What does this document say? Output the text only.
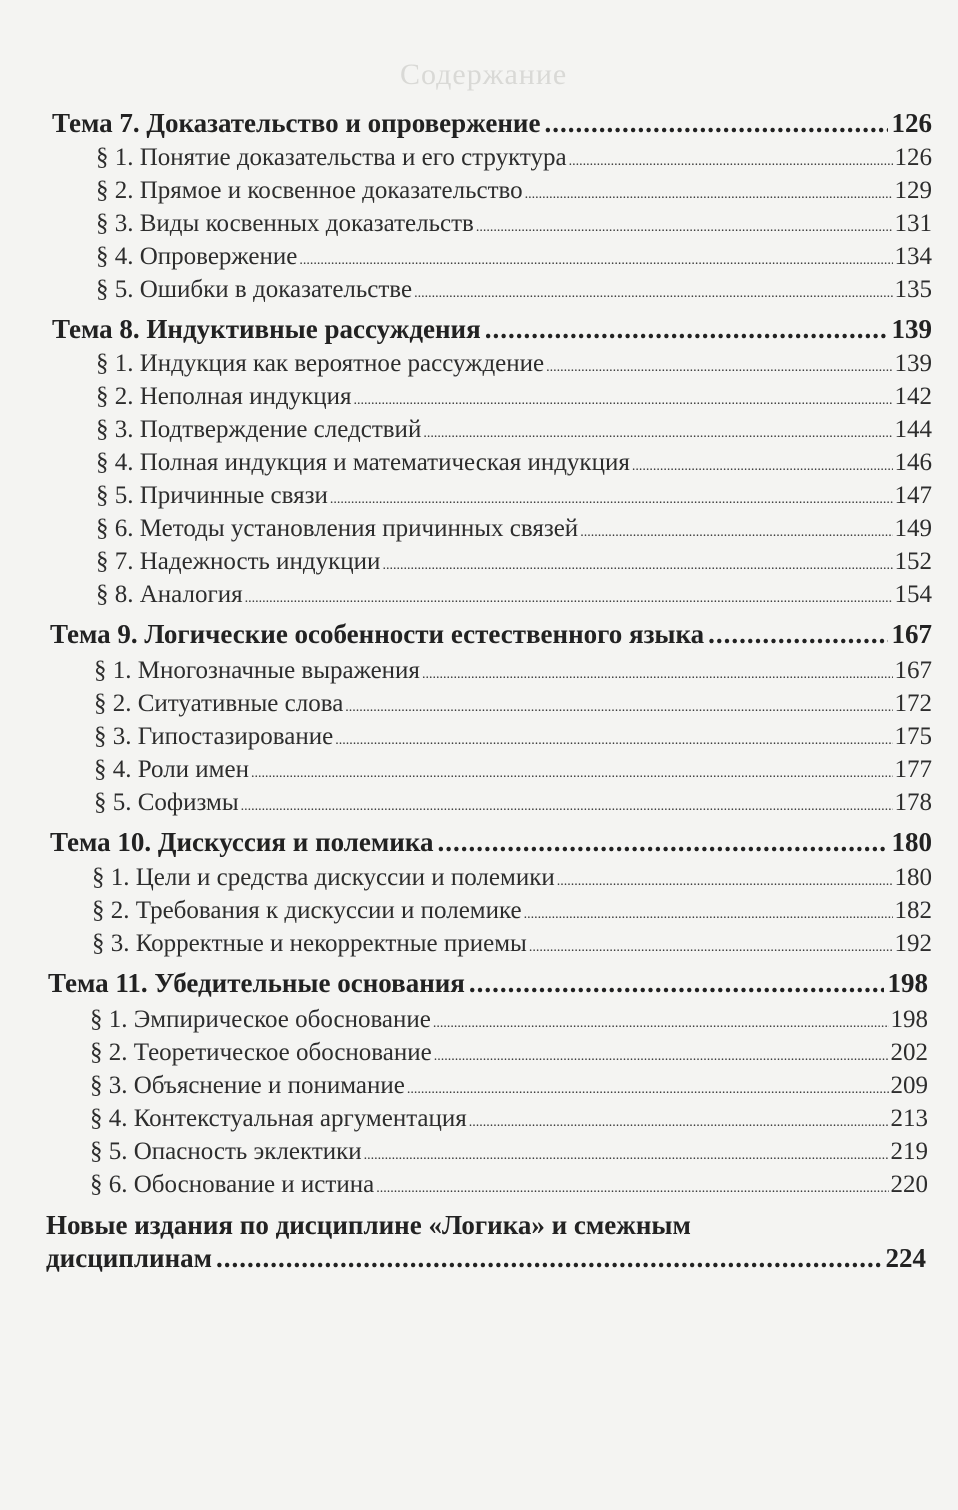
Содержание
Тема 7. Доказательство и опровержение .....	126
§ 1. Понятие доказательства и его структура .....	126
§ 2. Прямое и косвенное доказательство .....	129
§ 3. Виды косвенных доказательств .....	131
§ 4. Опровержение .....	134
§ 5. Ошибки в доказательстве .....	135
Тема 8. Индуктивные рассуждения .....	139
§ 1. Индукция как вероятное рассуждение .....	139
§ 2. Неполная индукция .....	142
§ 3. Подтверждение следствий .....	144
§ 4. Полная индукция и математическая индукция .....	146
§ 5. Причинные связи .....	147
§ 6. Методы установления причинных связей .....	149
§ 7. Надежность индукции .....	152
§ 8. Аналогия .....	154
Тема 9. Логические особенности естественного языка .....	167
§ 1. Многозначные выражения .....	167
§ 2. Ситуативные слова .....	172
§ 3. Гипостазирование .....	175
§ 4. Роли имен .....	177
§ 5. Софизмы .....	178
Тема 10. Дискуссия и полемика .....	180
§ 1. Цели и средства дискуссии и полемики .....	180
§ 2. Требования к дискуссии и полемике .....	182
§ 3. Корректные и некорректные приемы .....	192
Тема 11. Убедительные основания .....	198
§ 1. Эмпирическое обоснование .....	198
§ 2. Теоретическое обоснование .....	202
§ 3. Объяснение и понимание .....	209
§ 4. Контекстуальная аргументация .....	213
§ 5. Опасность эклектики .....	219
§ 6. Обоснование и истина .....	220
Новые издания по дисциплине «Логика» и смежным
дисциплинам .....	224
